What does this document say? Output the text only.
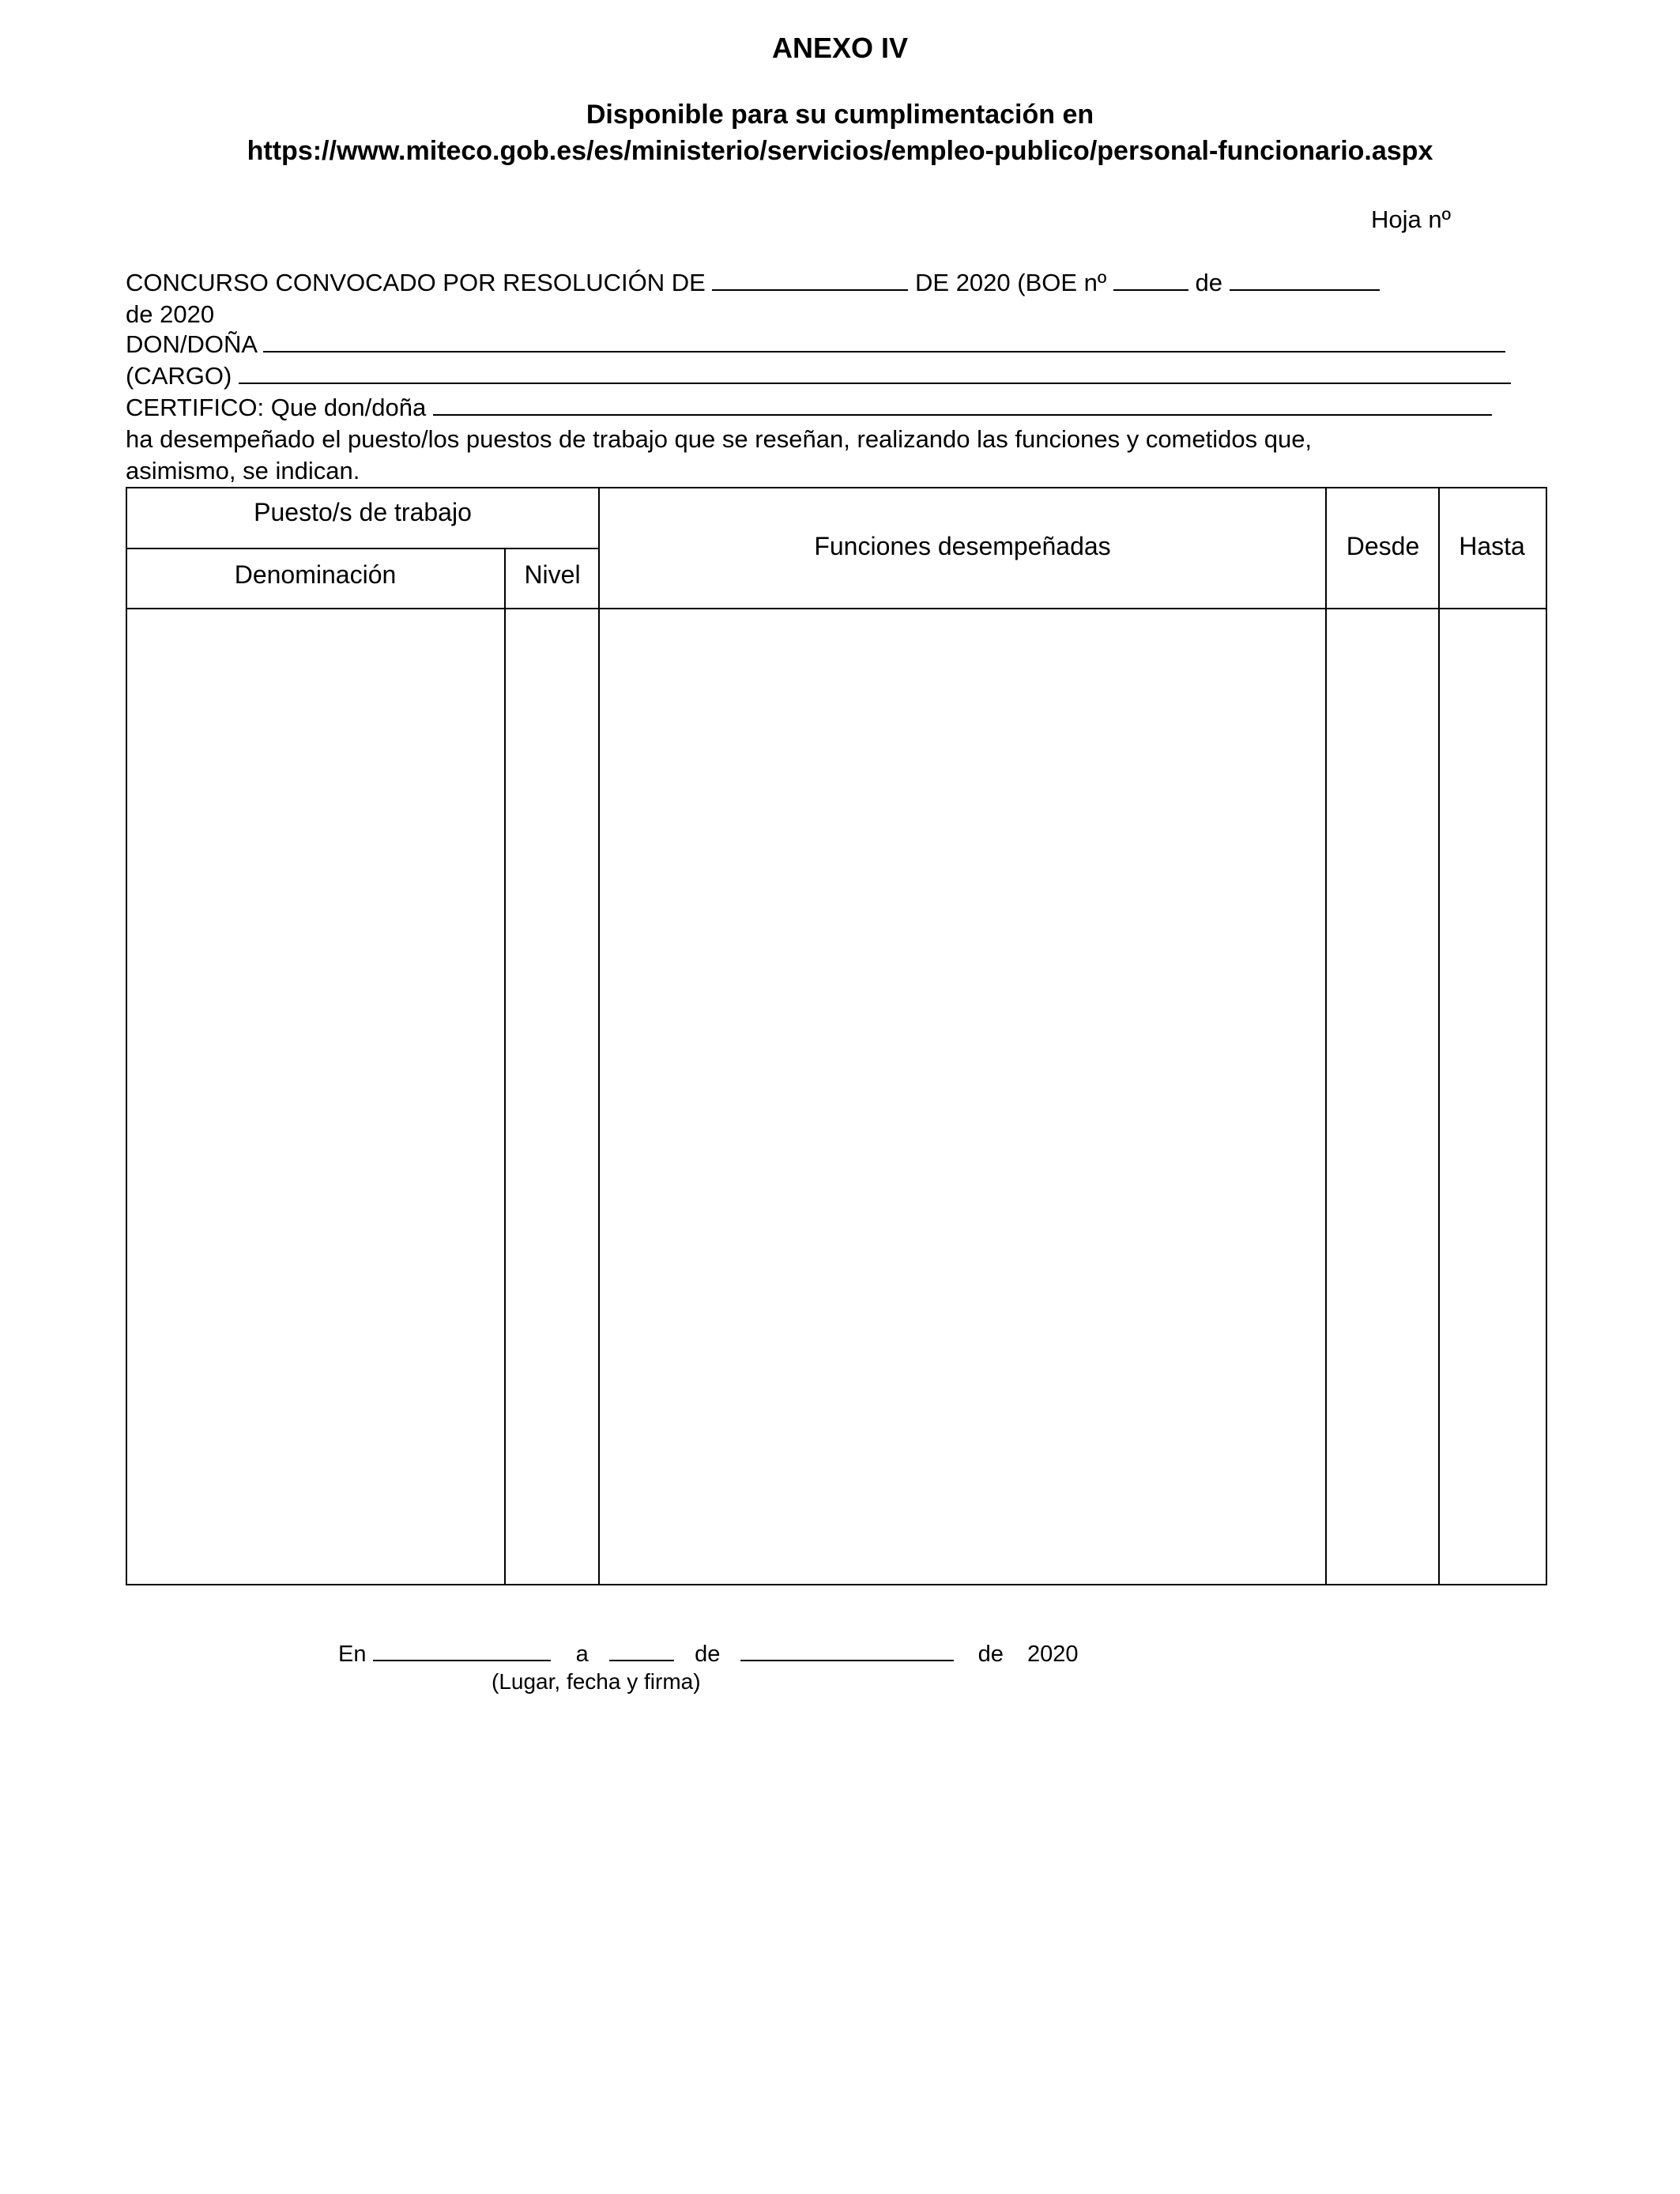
ANEXO IV
Disponible para su cumplimentación en
https://www.miteco.gob.es/es/ministerio/servicios/empleo-publico/personal-funcionario.aspx
Hoja nº
CONCURSO CONVOCADO POR RESOLUCIÓN DE	DE 2020 (BOE nº	de
de 2020
DON/DOÑA
(CARGO)
CERTIFICO: Que don/doña
ha desempeñado el puesto/los puestos de trabajo que se reseñan, realizando las funciones y cometidos que,
asimismo, se indican.
Puesto/s de trabajo
Denominación	Nivel
Funciones desempeñadas	Desde	Hasta
En	a	de	de 2020
(Lugar, fecha y firma)
